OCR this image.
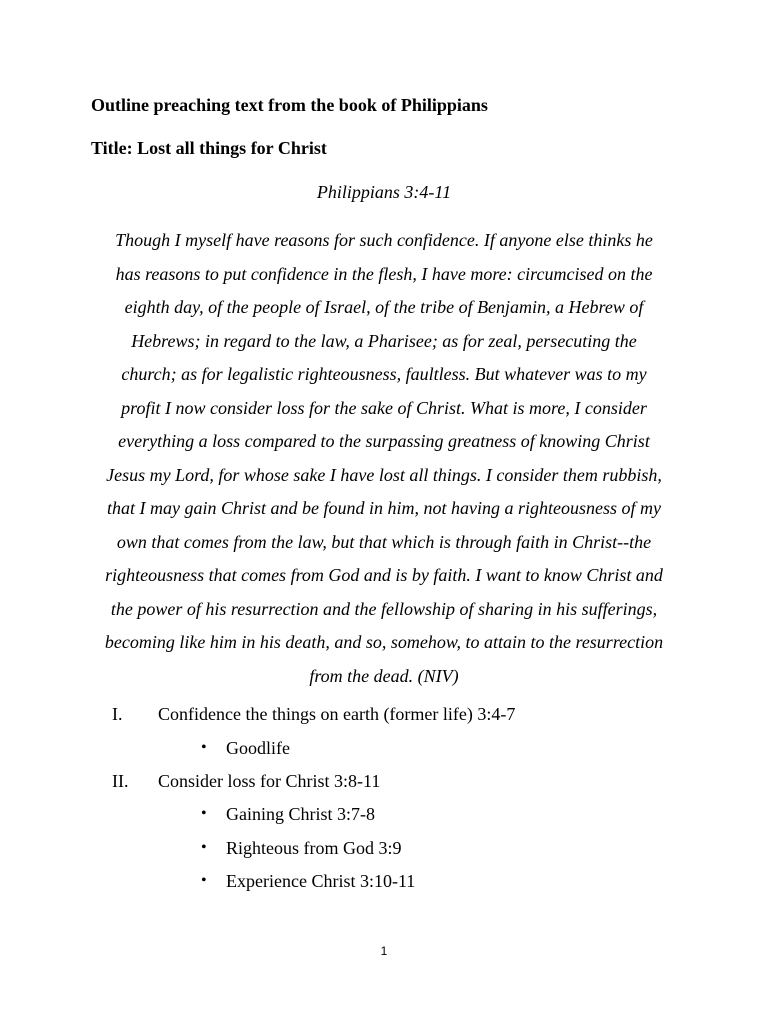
Outline preaching text from the book of Philippians
Title: Lost all things for Christ
Philippians 3:4-11
Though I myself have reasons for such confidence. If anyone else thinks he
has reasons to put confidence in the flesh, I have more: circumcised on the
eighth day, of the people of Israel, of the tribe of Benjamin, a Hebrew of
Hebrews; in regard to the law, a Pharisee; as for zeal, persecuting the
church; as for legalistic righteousness, faultless. But whatever was to my
profit I now consider loss for the sake of Christ. What is more, I consider
everything a loss compared to the surpassing greatness of knowing Christ
Jesus my Lord, for whose sake I have lost all things. I consider them rubbish,
that I may gain Christ and be found in him, not having a righteousness of my
own that comes from the law, but that which is through faith in Christ--the
righteousness that comes from God and is by faith. I want to know Christ and
the power of his resurrection and the fellowship of sharing in his sufferings,
becoming like him in his death, and so, somehow, to attain to the resurrection
from the dead. (NIV)
I. Confidence the things on earth (former life) 3:4-7
• Goodlife
II. Consider loss for Christ 3:8-11
• Gaining Christ 3:7-8
• Righteous from God 3:9
• Experience Christ 3:10-11
1
